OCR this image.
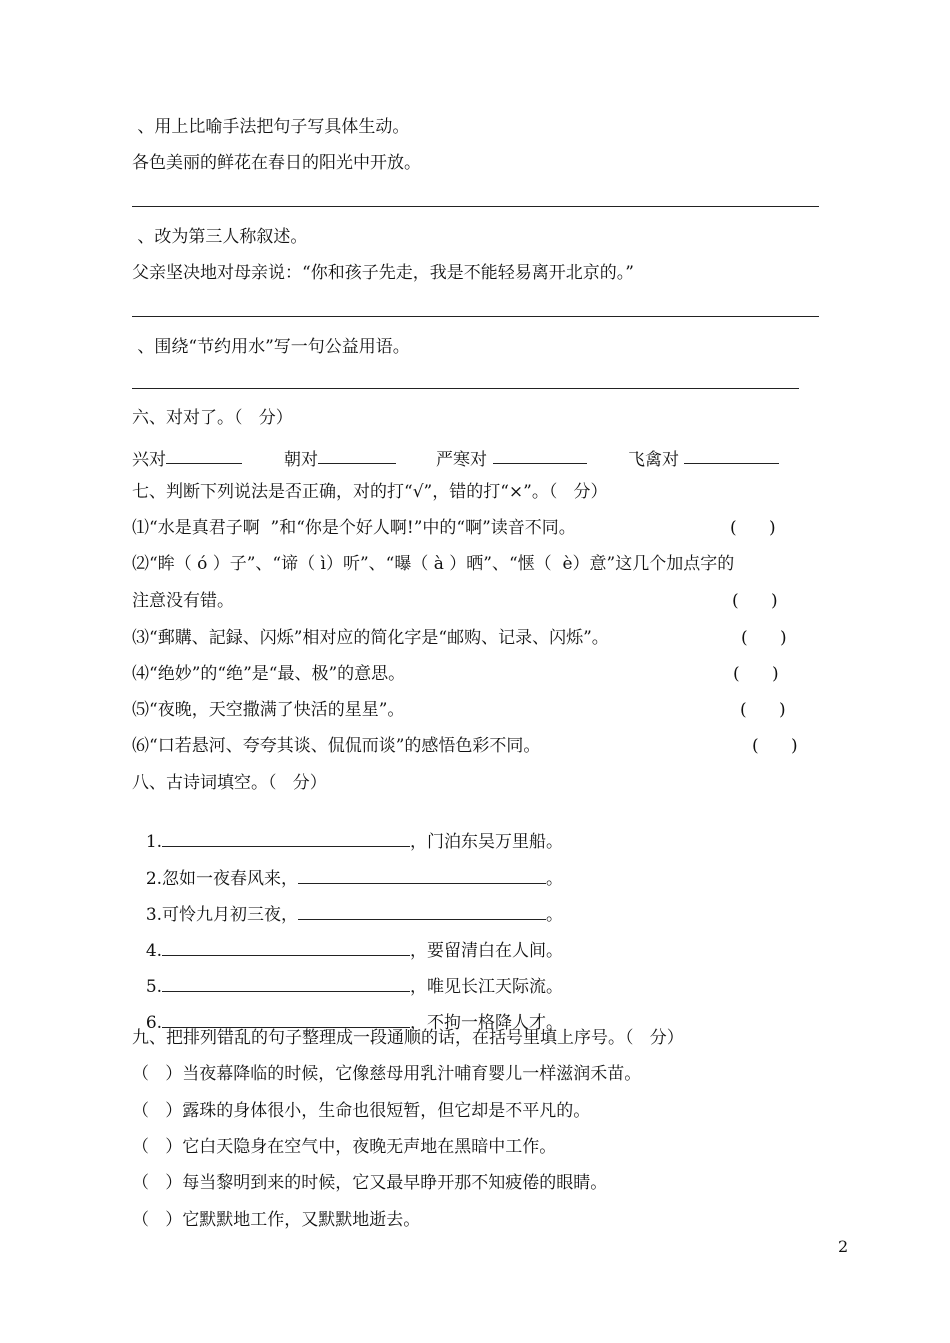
、用上比喻手法把句子写具体生动。
各色美丽的鲜花在春日的阳光中开放。
、改为第三人称叙述。
父亲坚决地对母亲说：“你和孩子先走，我是不能轻易离开北京的。”
、围绕“节约用水”写一句公益用语。
六、对对了。（   分）
兴对	朝对	严寒对	飞禽对
七、判断下列说法是否正确，对的打“√”，错的打“×”。（   分）
⑴“水是真君子啊  ”和“你是个好人啊!”中的“啊”读音不同。	(      )
⑵“眸（ ó ）子”、“谛（ ì）听”、“曝（ à ）晒”、“惬（  è）意”这几个加点字的
注意没有错。	(      )
⑶“郵購、記録、闪烁”相对应的简化字是“邮购、记录、闪烁”。	(      )
⑷“绝妙”的“绝”是“最、极”的意思。	(      )
⑸“夜晚，天空撒满了快活的星星”。	(      )
⑹“口若悬河、夸夸其谈、侃侃而谈”的感悟色彩不同。	(      )
八、古诗词填空。（   分）

1.	，门泊东吴万里船。

2.忽如一夜春风来，	。

3.可怜九月初三夜，	。

4.	，要留清白在人间。

5.	，唯见长江天际流。

6.	，不拘一格降人才。

九、把排列错乱的句子整理成一段通顺的话，在括号里填上序号。（   分）
（   ）当夜幕降临的时候，它像慈母用乳汁哺育婴儿一样滋润禾苗。
（   ）露珠的身体很小，生命也很短暂，但它却是不平凡的。
（   ）它白天隐身在空气中，夜晚无声地在黑暗中工作。
（   ）每当黎明到来的时候，它又最早睁开那不知疲倦的眼睛。
（   ）它默默地工作，又默默地逝去。
2
